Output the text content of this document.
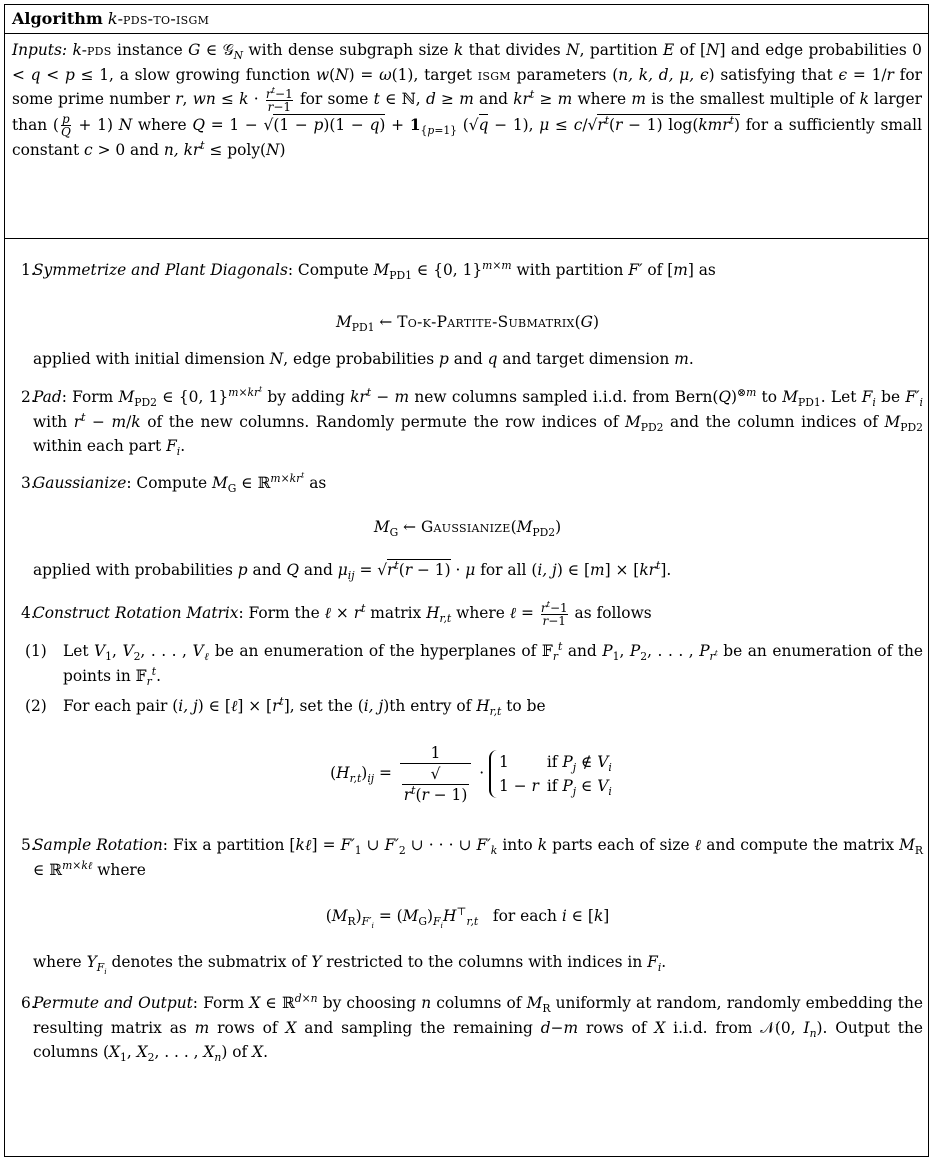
Algorithm k-pds-to-isgm
Inputs: k-pds instance G ∈ 𝒢$_N$ with dense subgraph size k that divides N, partition E of [N] and edge probabilities 0 < q < p ≤ 1, a slow growing function w(N) = ω(1), target isgm parameters (n, k, d, μ, ϵ) satisfying that ϵ = 1/r for some prime number r, wn ≤ $k \cdot \frac{r^t-1}{r-1}$ for some t ∈ ℕ, d ≥ m and $kr^t \ge m$ where m is the smallest multiple of k larger than ( $\frac{p}{Q} + 1$) N where $Q = 1 - √(1 - p)(1 - q) + 1_{\{p=1\}}$ (√q − 1), $\mu \le c/√r^t(r - 1)$ log(kmr$^t$) for a sufficiently small constant c > 0 and n, $kr^t$ ≤ poly(N)
1.
Symmetrize and Plant Diagonals: Compute $M_{PD1}$ ∈ {0, 1}$^{m\times m}$ with partition F′ of [m] as
$M_{PD1}$ ← To-k-Partite-Submatrix(G)
applied with initial dimension N, edge probabilities p and q and target dimension m.
2.
Pad: Form $M_{PD2}$ ∈ {0, 1}$^{m\times kr^t}$ by adding $kr^t - m$ new columns sampled i.i.d. from $Bern(Q)^{\otimes m}$ to $M_{PD1}$. Let $F_i$ be $F'_i$ with $r^t - m/k$ of the new columns. Randomly permute the row indices of $M_{PD2}$ and the column indices of $M_{PD2}$ within each part $F_i$.
3.
Gaussianize: Compute $M_G$ ∈ ℝ$^{m\times kr^t}$ as
$M_G$ ← $Gaussianize(M_{PD2})$
applied with probabilities p and Q and $\mu_{ij} = √r^t(r - 1) \cdot \mu$ for all (i, j) ∈ $[m] \times [kr^t]$.
4.
Construct Rotation Matrix: Form the ℓ × $r^t$ matrix $H_{r,t}$ where ℓ = $\frac{r^t-1}{r-1}$ as follows
(1) Let $V_1$, $V_2$, . . . , $V_\ell$ be an enumeration of the hyperplanes of 𝔽$_r^t$ and $P_1$, $P_2$, . . . , $P_{r^t}$ be an enumeration of the points in 𝔽$_r^t$.
(2) For each pair (i, j) ∈ [ℓ] × $[r^t]$, set the (i, j)th entry of $H_{r,t}$ to be
$(H_{r,t})_{ij} = 1$
√
$r^t(r - 1)$ ·
1	if $P_j$ ∉ $V_i$
1 − r	if $P_j$ ∈ $V_i$
5.
Sample Rotation: Fix a partition [kℓ] = $F'_1$ ∪ $F'_2$ ∪ · · · ∪ $F'_k$ into k parts each of size ℓ and compute the matrix $M_R$ ∈ ℝ$^{m\times k\ell}$ where
$(M_R)_{F'_i} = (M_G)_{F_i}H^⊤_{r,t}$   for each i ∈ [k]
where $Y_{F_i}$ denotes the submatrix of Y restricted to the columns with indices in $F_i$.
6.
Permute and Output: Form X ∈ ℝ$^{d\times n}$ by choosing n columns of $M_R$ uniformly at random, randomly embedding the resulting matrix as m rows of X and sampling the remaining d−m rows of X i.i.d. from 𝒩(0, $I_n$). Output the columns ($X_1$, $X_2$, . . . , $X_n$) of X.
